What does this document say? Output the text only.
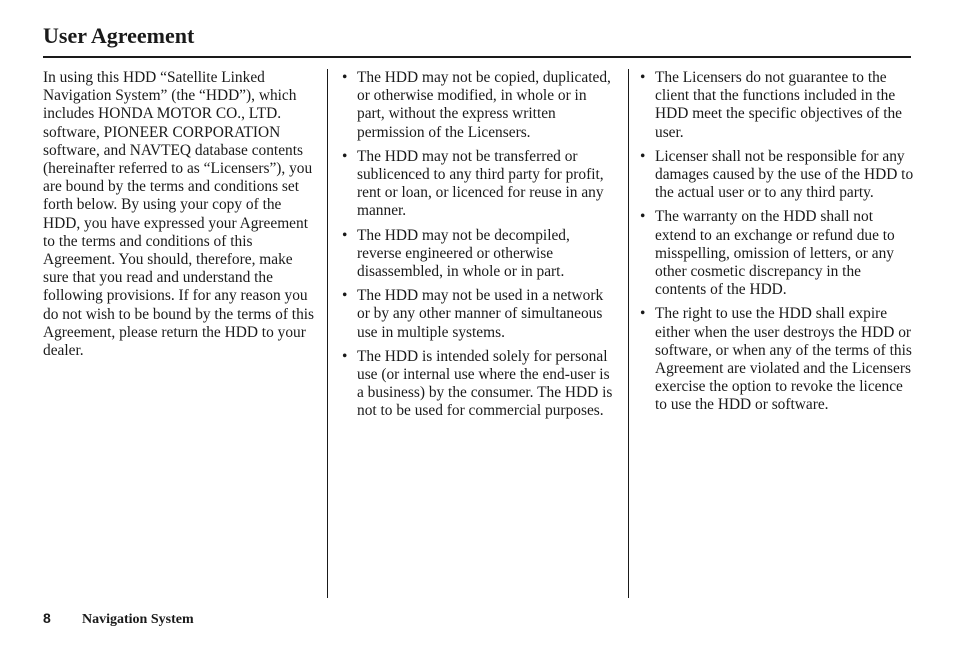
User Agreement

In using this HDD “Satellite Linked Navigation System” (the “HDD”), which includes HONDA MOTOR CO., LTD. software, PIONEER CORPORATION software, and NAVTEQ database contents (hereinafter referred to as “Licensers”), you are bound by the terms and conditions set forth below. By using your copy of the HDD, you have expressed your Agreement to the terms and conditions of this Agreement. You should, therefore, make sure that you read and understand the following provisions. If for any reason you do not wish to be bound by the terms of this Agreement, please return the HDD to your dealer.

• The HDD may not be copied, duplicated, or otherwise modified, in whole or in part, without the express written permission of the Licensers.
• The HDD may not be transferred or sublicenced to any third party for profit, rent or loan, or licenced for reuse in any manner.
• The HDD may not be decompiled, reverse engineered or otherwise disassembled, in whole or in part.
• The HDD may not be used in a network or by any other manner of simultaneous use in multiple systems.
• The HDD is intended solely for personal use (or internal use where the end-user is a business) by the consumer. The HDD is not to be used for commercial purposes.
• The Licensers do not guarantee to the client that the functions included in the HDD meet the specific objectives of the user.
• Licenser shall not be responsible for any damages caused by the use of the HDD to the actual user or to any third party.
• The warranty on the HDD shall not extend to an exchange or refund due to misspelling, omission of letters, or any other cosmetic discrepancy in the contents of the HDD.
• The right to use the HDD shall expire either when the user destroys the HDD or software, or when any of the terms of this Agreement are violated and the Licensers exercise the option to revoke the licence to use the HDD or software.
8 Navigation System
